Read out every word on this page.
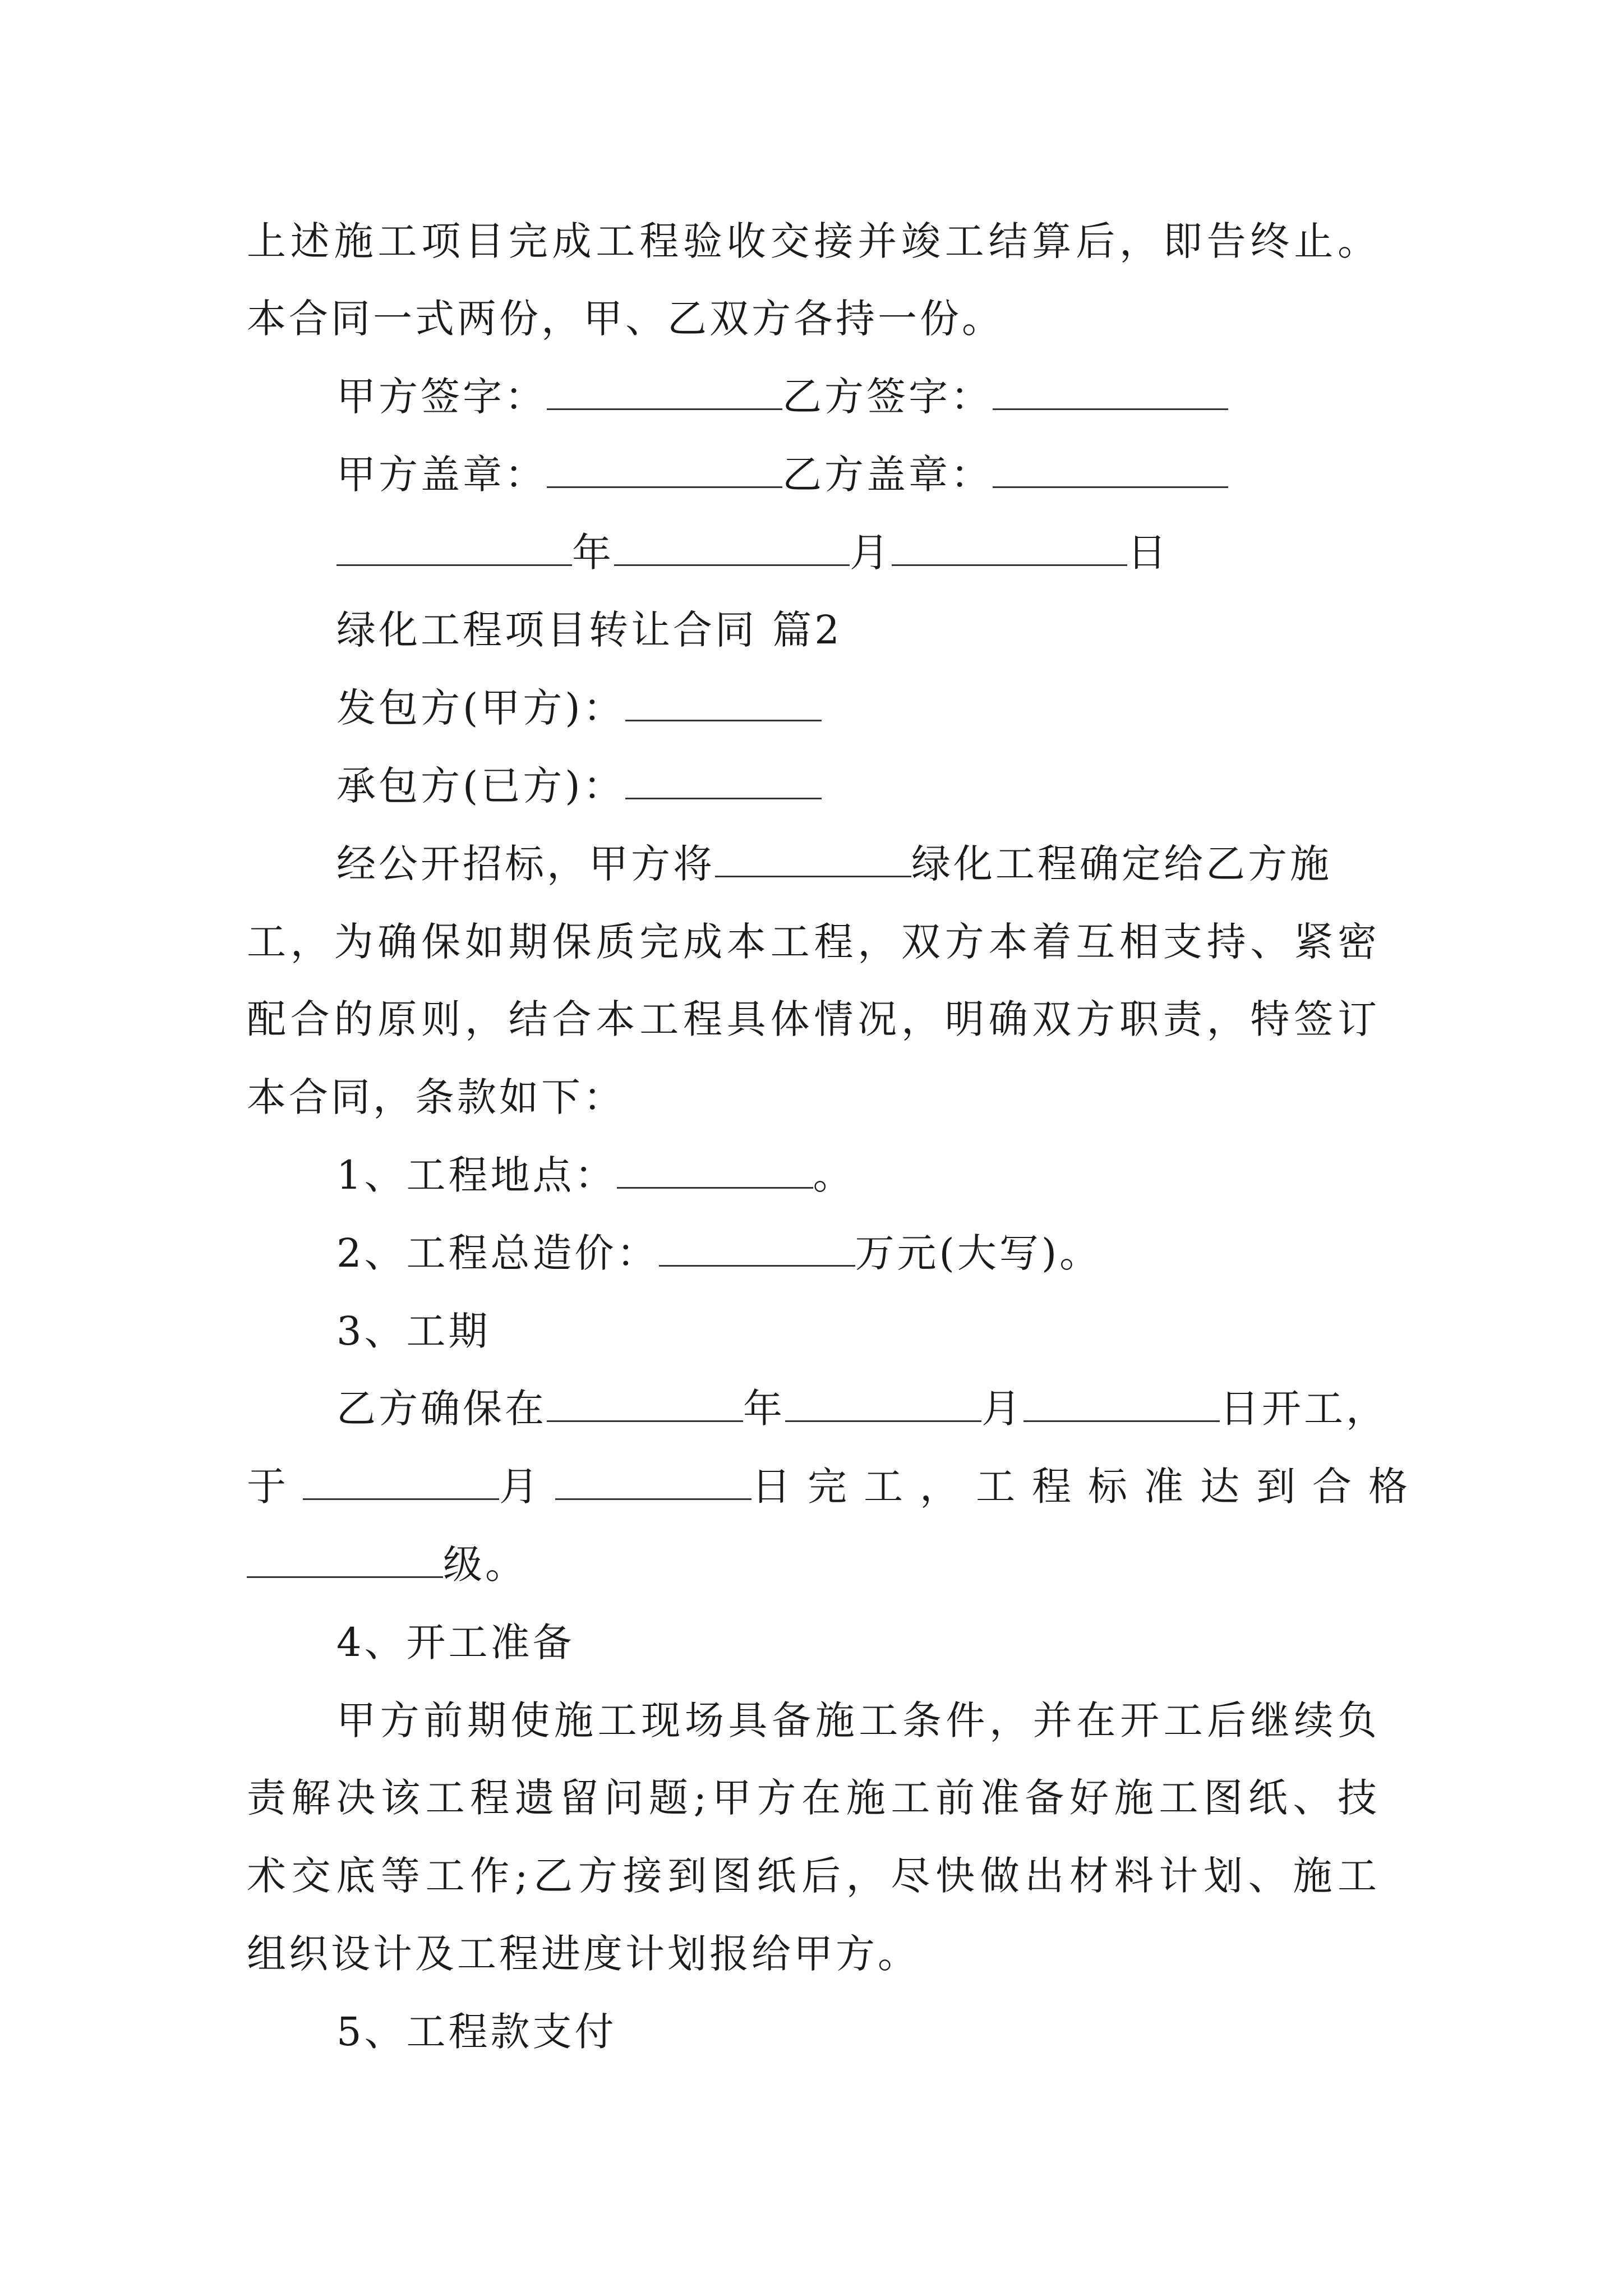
上述施工项目完成工程验收交接并竣工结算后，即告终止。
本合同一式两份，甲、乙双方各持一份。
甲方签字：	乙方签字：
甲方盖章：	乙方盖章：
年	月	日
绿化工程项目转让合同 篇2
发包方(甲方)：
承包方(已方)：
经公开招标，甲方将	绿化工程确定给乙方施
工，为确保如期保质完成本工程，双方本着互相支持、紧密
配合的原则，结合本工程具体情况，明确双方职责，特签订
本合同，条款如下：
1、工程地点：	。
2、工程总造价：	万元(大写)。
3、工期
乙方确保在	年	月	日开工，
于	月	日完工，工程标准达到合格
级。
4、开工准备
甲方前期使施工现场具备施工条件，并在开工后继续负
责解决该工程遗留问题;甲方在施工前准备好施工图纸、技
术交底等工作;乙方接到图纸后，尽快做出材料计划、施工
组织设计及工程进度计划报给甲方。
5、工程款支付
